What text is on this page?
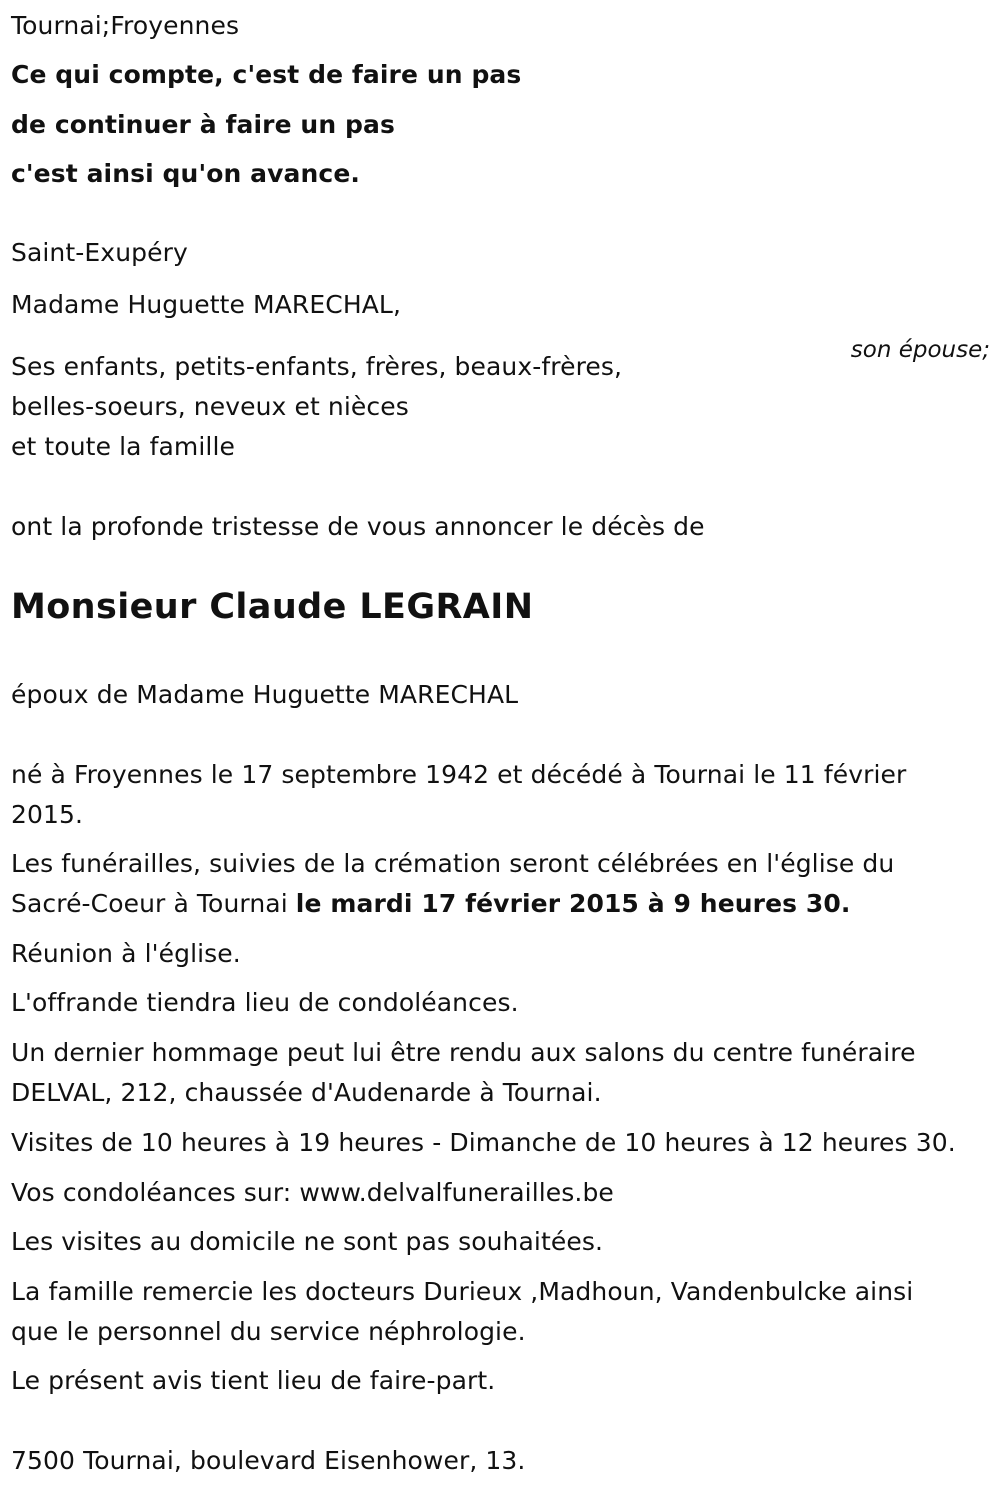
Tournai;Froyennes

Ce qui compte, c'est de faire un pas

de continuer à faire un pas

c'est ainsi qu'on avance.

Saint-Exupéry

Madame Huguette MARECHAL,

son épouse;

Ses enfants, petits-enfants, frères, beaux-frères,

belles-soeurs, neveux et nièces

et toute la famille

ont la profonde tristesse de vous annoncer le décès de

Monsieur Claude LEGRAIN

époux de Madame Huguette MARECHAL

né à Froyennes le 17 septembre 1942 et décédé à Tournai le 11 février

2015.

Les funérailles, suivies de la crémation seront célébrées en l'église du

Sacré-Coeur à Tournai le mardi 17 février 2015 à 9 heures 30.

Réunion à l'église.

L'offrande tiendra lieu de condoléances.

Un dernier hommage peut lui être rendu aux salons du centre funéraire

DELVAL, 212, chaussée d'Audenarde à Tournai.

Visites de 10 heures à 19 heures - Dimanche de 10 heures à 12 heures 30.

Vos condoléances sur: www.delvalfunerailles.be

Les visites au domicile ne sont pas souhaitées.

La famille remercie les docteurs Durieux ,Madhoun, Vandenbulcke ainsi

que le personnel du service néphrologie.

Le présent avis tient lieu de faire-part.

7500 Tournai, boulevard Eisenhower, 13.
